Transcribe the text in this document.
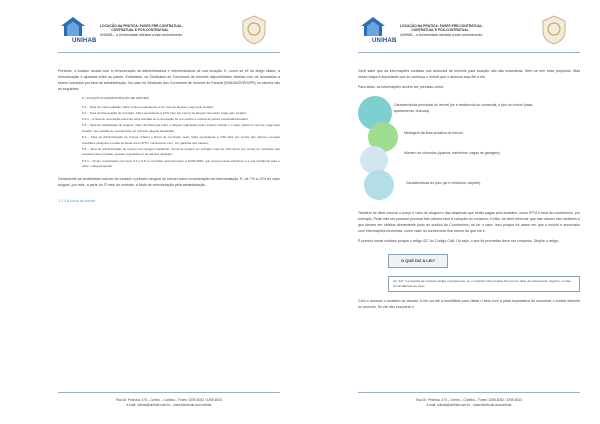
UNIHAB
LOCAÇÃO NA PRÁTICA: FASES PRÉ-CONTRATUAL,
CONTRATUAL E PÓS-CONTRATUAL
UNIHAB – a Universidade atrelada a este conhecimento

Portanto, o locador arcará com a remuneração da administradora e intermediadora de sua locação. E, como se vê do artigo citado, a remuneração é ajustada entre as partes. Entretanto, os Sindicatos de Corretores de Imóveis disponibilizam tabelas com os honorários a serem cobrados por taxa de administração. No caso do Sindicato dos Corretores de Imóveis do Paraná (SINDIMÓVEIS/PR) os valores são os seguintes:

5. LOCAÇÃO E ADMINISTRAÇÃO DE IMÓVEIS
5.1 – Taxa de intermediação: Valor mínimo equivalente a um mês de aluguel, pago pelo locador;
5.2 – Taxa de Renovação de Contrato: Valor equivalente a 10% (dez por cento) do aluguel renovado, pago pelo locador;
5.2.1 – A taxa de renovação somente será cobrada se a renovação for por escrito e restrita às partes proprietário/locador;
5.3 – Taxa de Atualização de Aluguel: Valor da diferença entre o aluguel reajustado pelos índices oficiais e o valor obtido no acordo, pago pelo locador, por ocasião do recebimento do primeiro aluguel atualizado;
5.4 – Taxa de Administração de Imóvel Urbano e Rural do município sede: Valor equivalente a 10% (dez por cento) dos valores mensais recebidos (aluguéis e todas as taxas como IPTU, condomínio etc.), em garantia dos valores;
5.5 – Taxa de Administração de Imóvel com Aluguel Garantido: Somente poderá ser cobrado mais de 12% (doze por cento) do montante dos recebimentos mensais, quando a garantia for de até dez aluguéis;
5.5.1 – Ficam ressalvados nos itens 5.4 e 5.5 os contratos anteriormente a 31/01/1993, que prevem taxas inferiores e a sua incidência para o valor o aluguel líquido.

Geralmente as imobiliárias cobram do locador o primeiro aluguel do imóvel como remuneração da intermediação. E, de 7% a 12% do valor aluguel, por mês, a partir do 2º mês do contrato, a título de remuneração pela administração.

1.3.3 A única do imóvel
Rua Dr. Pedrosa, 475 – Centro – Curitiba – Fones: 3259-6032 / 3259-6033
e-mail: unihab@unihab.com.br – www.facebook.com/unihab
UNIHAB
LOCAÇÃO NA PRÁTICA: FASES PRÉ-CONTRATUAL,
CONTRATUAL E PÓS-CONTRATUAL
UNIHAB – a Universidade atrelada a este conhecimento

Você sabe que as informações contidas nos anúncios de imóveis para locação não são exaustivas. Nem se tem esse propósito. Mas nesse etapa é importante que se conheça o imóvel que o anúncio seja fiel a ele.

Para tanto, as informações devem ser precisas como:

Características principais do imóvel (se é residencial ou comercial, o tipo do imóvel (casa, apartamento, chácara).
Metragem da área privativa do imóvel.
Número de cômodos (quartos, banheiros, vagas de garagem).
Características do piso (se é cerâmica, carpete).

Também se deve colocar o preço e valor do aluguel e das despesas que serão pagas pelo locatário, como IPTU e taxa de condomínio, por exemplo. Pode não ser possível precisar tais valores face à variação do consumo. Então, se deve informar que tais valores são variáveis e que devem ser obtidos diretamente junto ao síndico do Condomínio, se for o caso. Isso porque há casos em que o imóvel é anunciado com informações incorretas, como valor do condomínio fica menor do que ele é.

É preciso tomar cuidado porque o artigo 427 do Código Civil. Ou seja, o que foi prometido deve ser cumprido. Dispõe o artigo:

O QUE DIZ A LEI?
Art. 427. A proposta de contrato obriga o proponente, se o contrário não resultar dos termos dela, da natureza do negócio, ou das circunstâncias do caso.

Com o anúncio o locatário se atraído. A ele vai até a imobiliária para visitar o bem com a justa expectativa de encontrar o imóvel descrito no anúncio. Se ele não encontrar o

Rua Dr. Pedrosa, 475 – Centro – Curitiba – Fones: 3259-6032 / 3259-6033
e-mail: unihab@unihab.com.br – www.facebook.com/unihab
